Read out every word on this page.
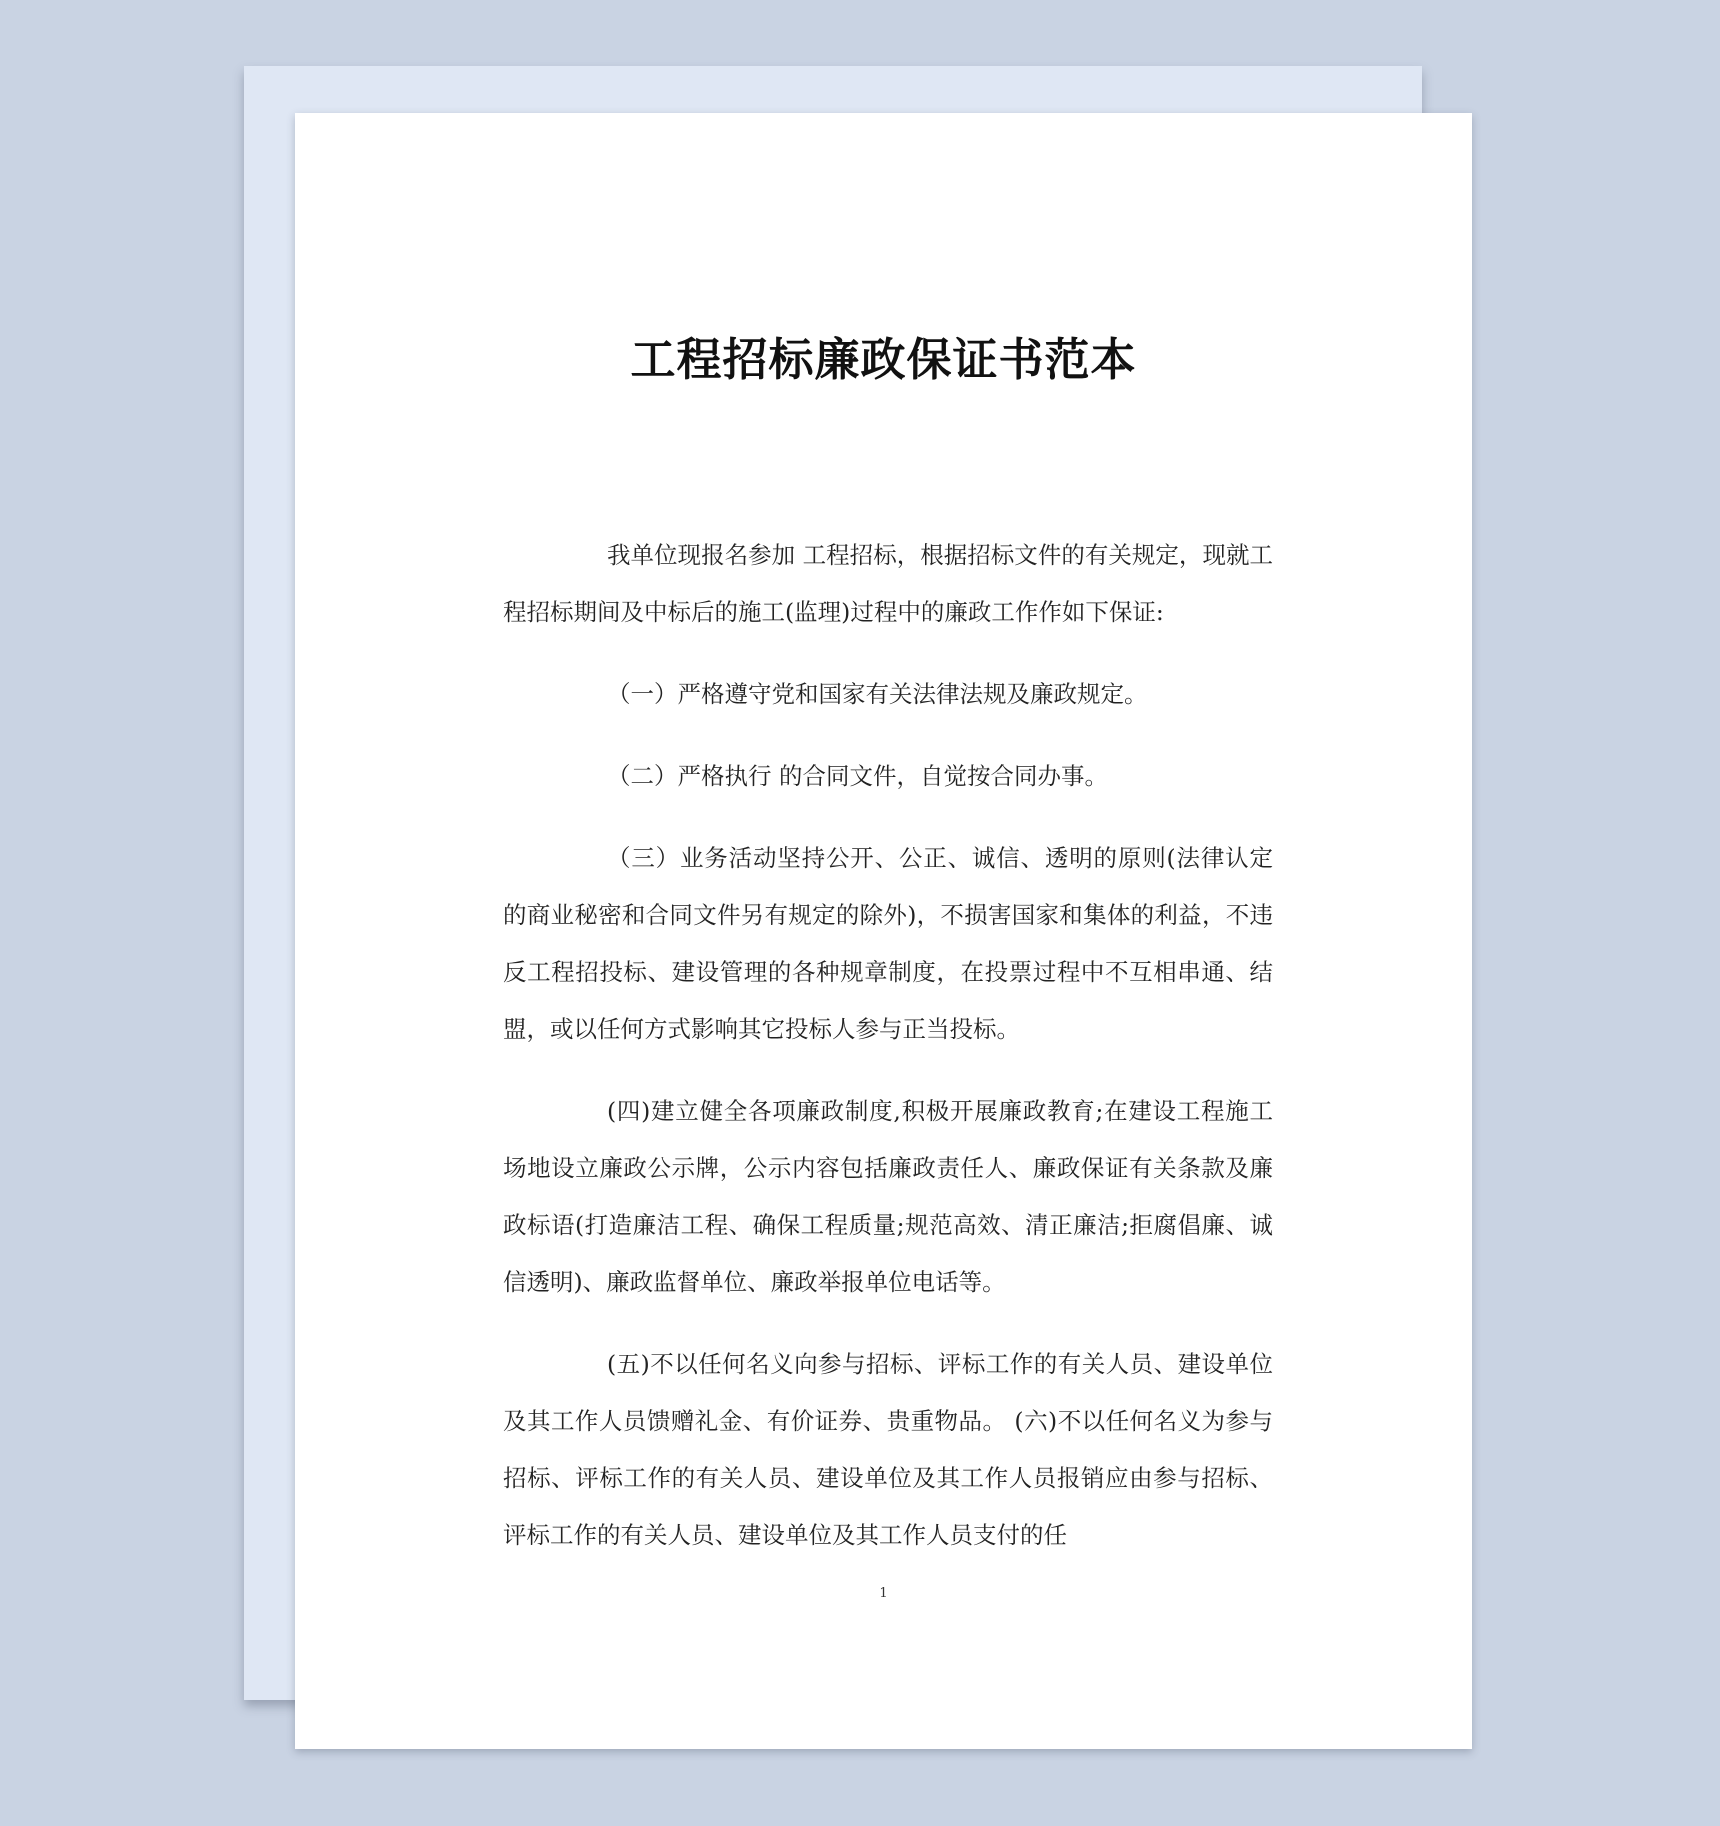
工程招标廉政保证书范本

我单位现报名参加 工程招标，根据招标文件的有关规定，现就工程招标期间及中标后的施工(监理)过程中的廉政工作作如下保证:

（一）严格遵守党和国家有关法律法规及廉政规定。

（二）严格执行 的合同文件，自觉按合同办事。

（三）业务活动坚持公开、公正、诚信、透明的原则(法律认定的商业秘密和合同文件另有规定的除外)，不损害国家和集体的利益，不违反工程招投标、建设管理的各种规章制度，在投票过程中不互相串通、结盟，或以任何方式影响其它投标人参与正当投标。

(四)建立健全各项廉政制度,积极开展廉政教育;在建设工程施工场地设立廉政公示牌，公示内容包括廉政责任人、廉政保证有关条款及廉政标语(打造廉洁工程、确保工程质量;规范高效、清正廉洁;拒腐倡廉、诚信透明)、廉政监督单位、廉政举报单位电话等。

(五)不以任何名义向参与招标、评标工作的有关人员、建设单位及其工作人员馈赠礼金、有价证券、贵重物品。 (六)不以任何名义为参与招标、评标工作的有关人员、建设单位及其工作人员报销应由参与招标、评标工作的有关人员、建设单位及其工作人员支付的任

1
